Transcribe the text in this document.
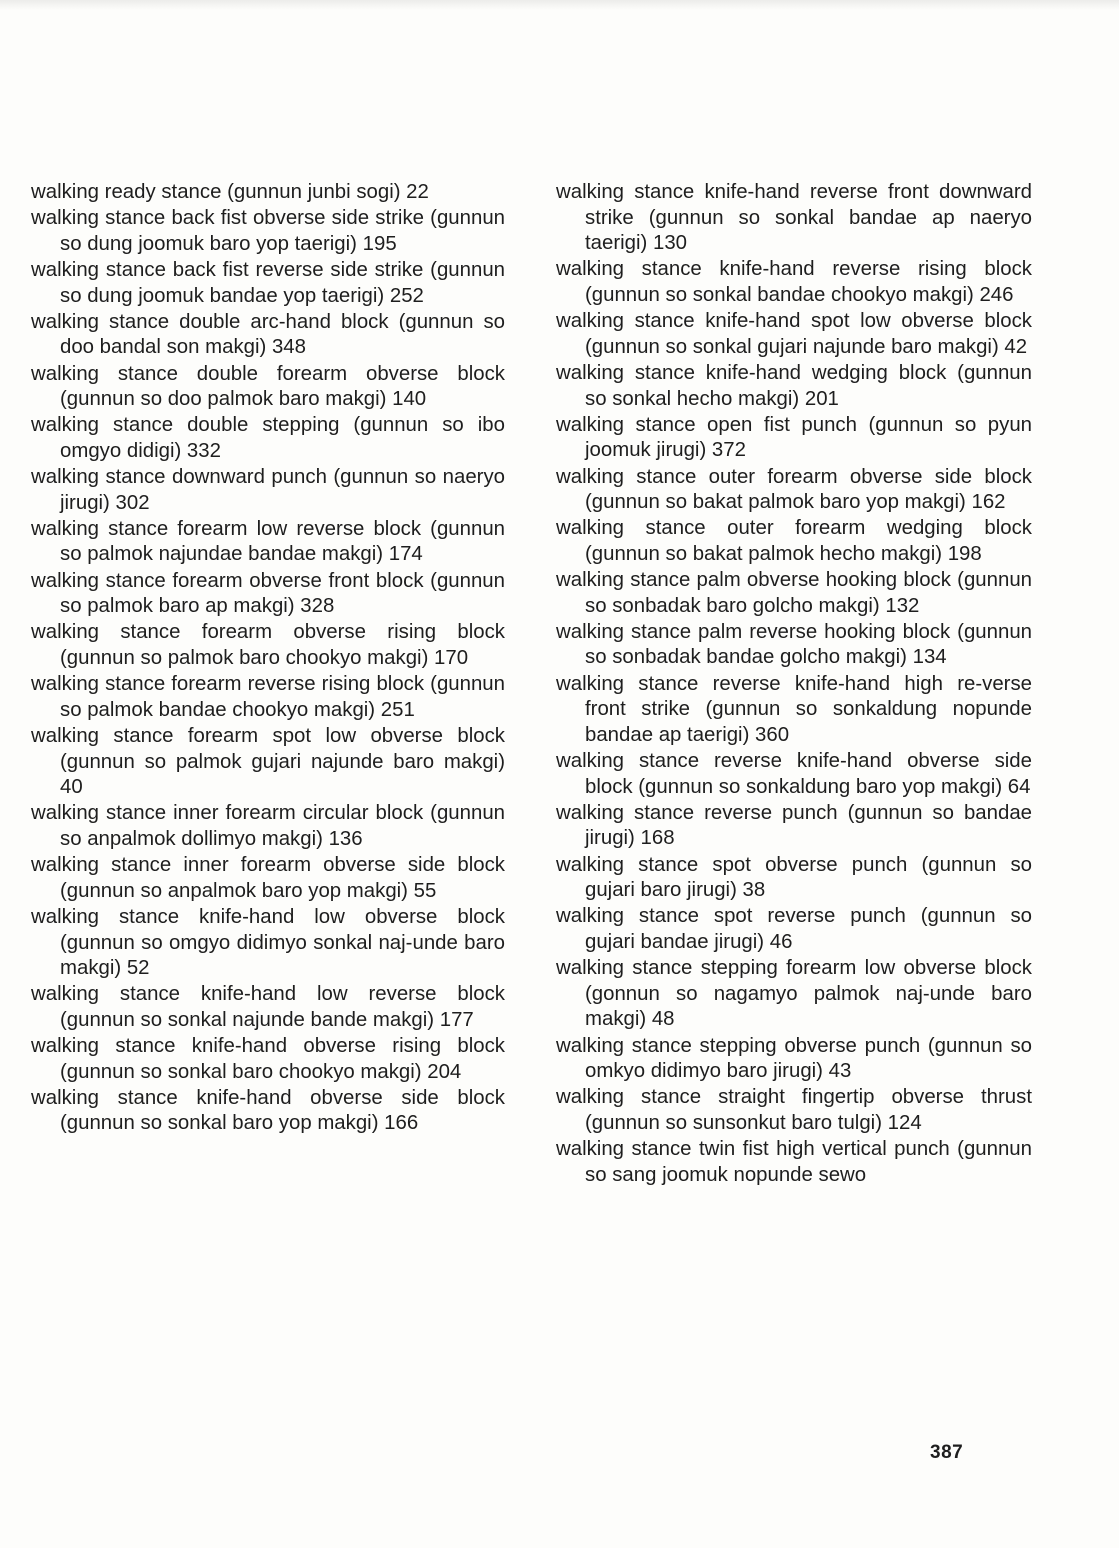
walking ready stance (gunnun junbi sogi) 22
walking stance back fist obverse side strike (gunnun so dung joomuk baro yop taerigi) 195
walking stance back fist reverse side strike (gunnun so dung joomuk bandae yop taerigi) 252
walking stance double arc-hand block (gunnun so doo bandal son makgi) 348
walking stance double forearm obverse block (gunnun so doo palmok baro makgi) 140
walking stance double stepping (gunnun so ibo omgyo didigi) 332
walking stance downward punch (gunnun so naeryo jirugi) 302
walking stance forearm low reverse block (gunnun so palmok najundae bandae makgi) 174
walking stance forearm obverse front block (gunnun so palmok baro ap makgi) 328
walking stance forearm obverse rising block (gunnun so palmok baro chookyo makgi) 170
walking stance forearm reverse rising block (gunnun so palmok bandae chookyo makgi) 251
walking stance forearm spot low obverse block (gunnun so palmok gujari najunde baro makgi) 40
walking stance inner forearm circular block (gunnun so anpalmok dollimyo makgi) 136
walking stance inner forearm obverse side block (gunnun so anpalmok baro yop makgi) 55
walking stance knife-hand low obverse block (gunnun so omgyo didimyo sonkal naj-unde baro makgi) 52
walking stance knife-hand low reverse block (gunnun so sonkal najunde bande makgi) 177
walking stance knife-hand obverse rising block (gunnun so sonkal baro chookyo makgi) 204
walking stance knife-hand obverse side block (gunnun so sonkal baro yop makgi) 166
walking stance knife-hand reverse front downward strike (gunnun so sonkal bandae ap naeryo taerigi) 130
walking stance knife-hand reverse rising block (gunnun so sonkal bandae chookyo makgi) 246
walking stance knife-hand spot low obverse block (gunnun so sonkal gujari najunde baro makgi) 42
walking stance knife-hand wedging block (gunnun so sonkal hecho makgi) 201
walking stance open fist punch (gunnun so pyun joomuk jirugi) 372
walking stance outer forearm obverse side block (gunnun so bakat palmok baro yop makgi) 162
walking stance outer forearm wedging block (gunnun so bakat palmok hecho makgi) 198
walking stance palm obverse hooking block (gunnun so sonbadak baro golcho makgi) 132
walking stance palm reverse hooking block (gunnun so sonbadak bandae golcho makgi) 134
walking stance reverse knife-hand high re-verse front strike (gunnun so sonkaldung nopunde bandae ap taerigi) 360
walking stance reverse knife-hand obverse side block (gunnun so sonkaldung baro yop makgi) 64
walking stance reverse punch (gunnun so bandae jirugi) 168
walking stance spot obverse punch (gunnun so gujari baro jirugi) 38
walking stance spot reverse punch (gunnun so gujari bandae jirugi) 46
walking stance stepping forearm low obverse block (gonnun so nagamyo palmok naj-unde baro makgi) 48
walking stance stepping obverse punch (gunnun so omkyo didimyo baro jirugi) 43
walking stance straight fingertip obverse thrust (gunnun so sunsonkut baro tulgi) 124
walking stance twin fist high vertical punch (gunnun so sang joomuk nopunde sewo
387
